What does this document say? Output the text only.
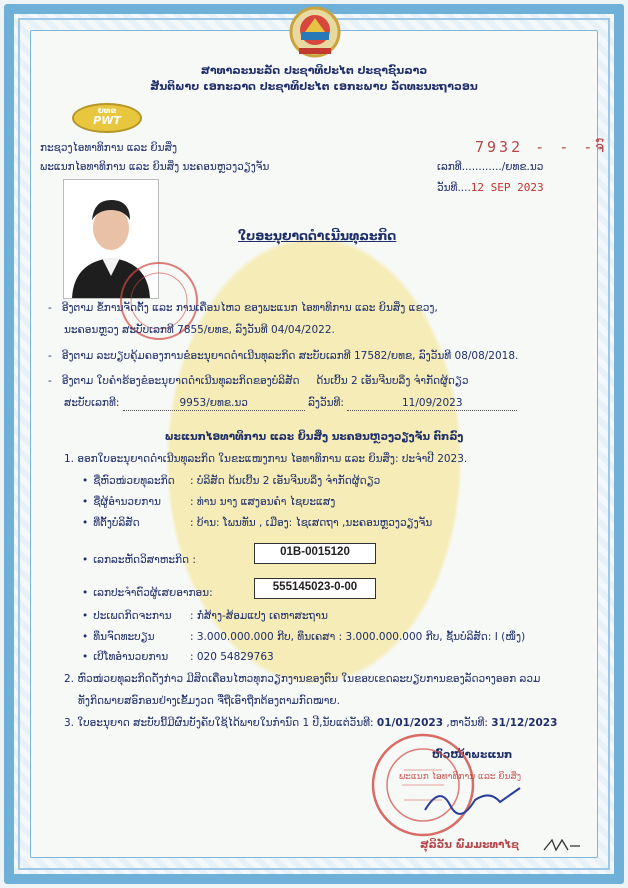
ສາທາລະນະລັດ ປະຊາທິປະໄຕ ປະຊາຊົນລາວ
ສັນຕິພາບ ເອກະລາດ ປະຊາທິປະໄຕ ເອກະພາບ ວັດທະນະຖາວອນ
ຍທຂ
PWT
ກະຊວງໄອທາທິການ ແລະ ຍິນສິ່ງ
ພະແນກໄອທາທິການ ແລະ ຍິນສິ່ງ ນະຄອນຫຼວງວຽງຈັນ
7932 - - -ຈົ
ເລກທີ............/ຍທຂ.ນວ
ວັນທີ....12 SEP 2023
ໃບອະນຸຍາດດຳເນີນທຸລະກິດ
-   ອີງຕາມ ຂໍ້ການຈັດຕັ້ງ ແລະ ການເຄື່ອນໄຫວ ຂອງພະແນກ ໄອທາທິການ ແລະ ຍິນສິ່ງ ແຂວງ,
ນະຄອນຫຼວງ ສະບັບເລກທີ 7855/ຍທຂ, ລົງວັນທີ 04/04/2022.
-   ອີງຕາມ ລະບຽບຄຸ້ມຄອງການຂໍອະນຸຍາດດຳເນີນທຸລະກິດ ສະບັບເລກທີ 17582/ຍທຂ, ລົງວັນທີ 08/08/2018.
-   ອີງຕາມ ໃບຄຳຮ້ອງຂໍອະນຸຍາດດຳເນີນທຸລະກິດຂອງບໍລິສັດ ດ້ນເບີ້ນ 2 ເອັນຈີນບລິ່ງ ຈຳກັດຜູ້ດຽວ
ສະບັບເລກທີ:	9953/ຍທຂ.ນວ	ລົງວັນທີ:	11/09/2023
ພະແນກໄອທາທິການ ແລະ ຍິນສິ່ງ ນະຄອນຫຼວງວຽງຈັນ ຕົກລົງ
1. ອອກໃບອະນຸຍາດດຳເນີນທຸລະກິດ ໃນຂະແໜງການ ໄອທາທິການ ແລະ ຍິນສິ່ງ: ປະຈຳປີ 2023.
• ຊື່ຫົວໜ່ວຍທຸລະກິດ : ບໍລິສັດ ດ້ນເບີ້ນ 2 ເອັນຈີນບລິ່ງ ຈຳກັດຜູ້ດຽວ
• ຊື່ຜູ້ອຳນວຍການ	: ທ່ານ ນາງ ແສງອນຄຳ ໄຊຍະແສງ
• ທີ່ຕັ້ງບໍລິສັດ	: ບ້ານ: ໂພນທັນ , ເມືອງ: ໄຊເສດຖາ ,ນະຄອນຫຼວງວຽງຈັນ
• ເລກລະຫັດວິສາຫະກິດ :
01B-0015120
• ເລກປະຈຳຕົວຜູ້ເສຍອາກອນ:	555145023-0-00
• ປະເພດກິດຈະການ : ກໍ່ສ້າງ-ສ້ອມແປງ ເຄຫາສະຖານ
• ທຶນຈົດທະບຽນ	: 3.000.000.000 ກີບ, ທຶນເຄສາ : 3.000.000.000 ກີບ, ຊັ້ນບໍລິສັດ: I (ໜຶ່ງ)
• ເບີໂທອຳນວຍການ : 020 54829763
2. ຫົວໜ່ວຍທຸລະກິດດັ່ງກ່າວ ມີສິດເຄື່ອນໄຫວທຸກວຽກງານຂອງຕົນ ໃນຂອບເຂດລະບຽບການຂອງລັດວາງອອກ ລວມ
ທັງກິດພາຍສອົກອນຢ່າງເຂັ້ມງວດ ຈື່ຖືເອົາຖືກຕ້ອງຕາມກົດໝາຍ.
3. ໃບອະນຸຍາດ ສະບັບນີ້ມີຜົນບັງຄັບໃຊ້ໄດ້ພາຍໃນກຳນົດ 1 ປີ,ນັບແຕ່ວັນທີ: 01/01/2023 ,ຫາວັນທີ: 31/12/2023
ຫົວໜ້າພະແນກ
ພະແນກ ໄອທາທິການ ແລະ ຍິນສິ່ງ
ສຸລິວັນ ພົມມະທາໄຊ
